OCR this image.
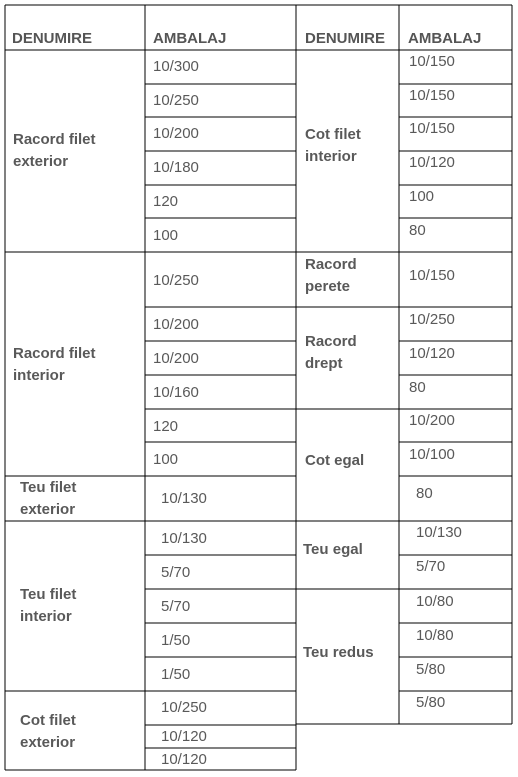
DENUMIRE	AMBALAJ	DENUMIRE AMBALAJ
Racord filet
exterior
Racord filet
interior
Teu filet
exterior
Teu filet
interior
Cot filet
exterior
10/300
10/250
10/200
10/180
120
100
10/250
10/200
10/200
10/160
120
100
10/130
10/130
5/70
5/70
1/50
1/50
10/250
10/120
10/120
Cot filet
interior
Racord
perete
Racord
drept
Cot egal
Teu egal
Teu redus
10/150
10/150
10/150
10/120
100
80
10/150
10/250
10/120
80
10/200
10/100
80
10/130
5/70
10/80
10/80
5/80
5/80
